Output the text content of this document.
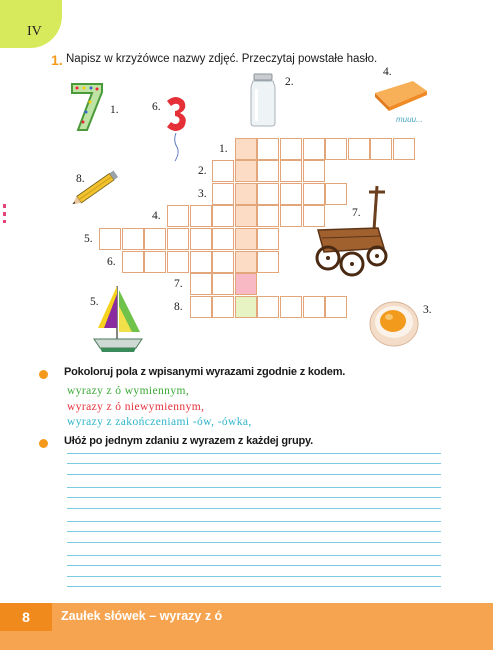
IV
1. Napisz w krzyżówce nazwy zdjęć. Przeczytaj powstałe hasło.
1.	6.
2.
4.
muuu...
8.
1.
2.
3.
4.
5.
6.
7.
8.
7.
5.
3.
Pokoloruj pola z wpisanymi wyrazami zgodnie z kodem.
wyrazy z ó wymiennym,
wyrazy z ó niewymiennym,
wyrazy z zakończeniami -ów, -ówka,
Ułóż po jednym zdaniu z wyrazem z każdej grupy.
8	Zaułek słówek – wyrazy z ó
